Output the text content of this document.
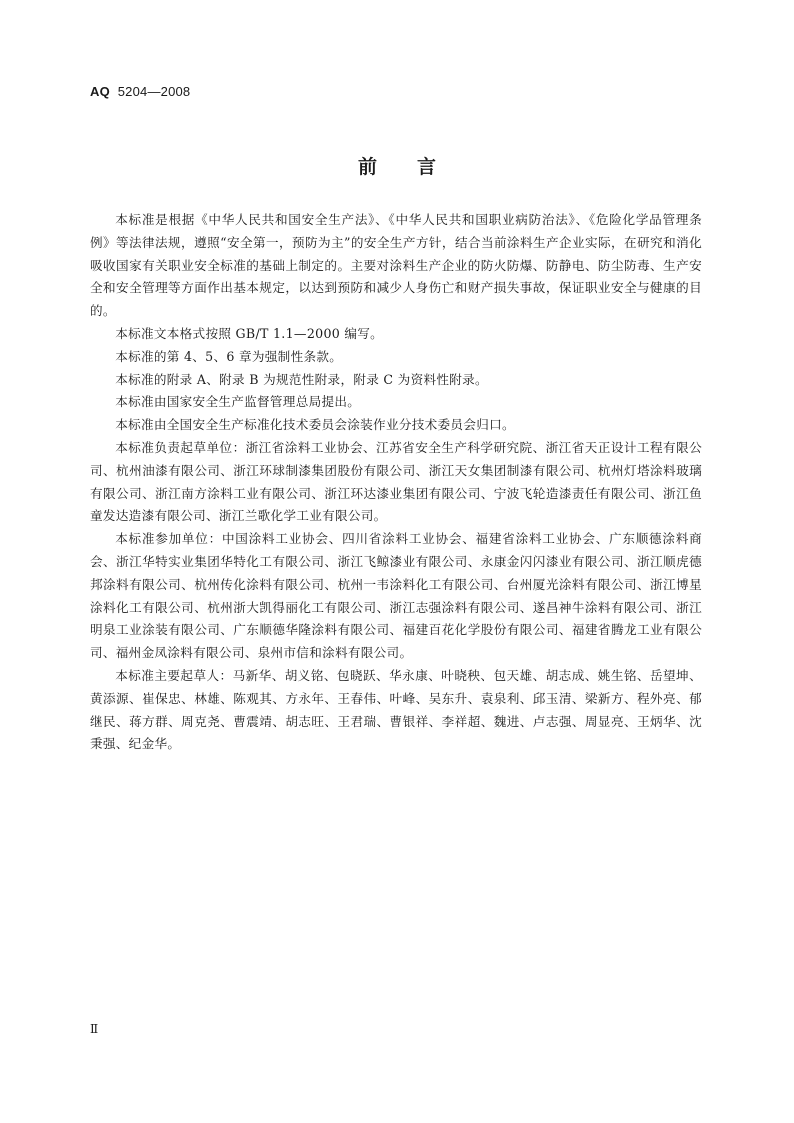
AQ 5204—2008
前言

本标准是根据《中华人民共和国安全生产法》、《中华人民共和国职业病防治法》、《危险化学品管理条例》等法律法规，遵照“安全第一，预防为主”的安全生产方针，结合当前涂料生产企业实际，在研究和消化吸收国家有关职业安全标准的基础上制定的。主要对涂料生产企业的防火防爆、防静电、防尘防毒、生产安全和安全管理等方面作出基本规定，以达到预防和减少人身伤亡和财产损失事故，保证职业安全与健康的目的。

本标准文本格式按照 GB/T 1.1—2000 编写。

本标准的第 4、5、6 章为强制性条款。

本标准的附录 A、附录 B 为规范性附录，附录 C 为资料性附录。

本标准由国家安全生产监督管理总局提出。

本标准由全国安全生产标准化技术委员会涂装作业分技术委员会归口。

本标准负责起草单位：浙江省涂料工业协会、江苏省安全生产科学研究院、浙江省天正设计工程有限公司、杭州油漆有限公司、浙江环球制漆集团股份有限公司、浙江天女集团制漆有限公司、杭州灯塔涂料玻璃有限公司、浙江南方涂料工业有限公司、浙江环达漆业集团有限公司、宁波飞轮造漆责任有限公司、浙江鱼童发达造漆有限公司、浙江兰歌化学工业有限公司。

本标准参加单位：中国涂料工业协会、四川省涂料工业协会、福建省涂料工业协会、广东顺德涂料商会、浙江华特实业集团华特化工有限公司、浙江飞鲸漆业有限公司、永康金闪闪漆业有限公司、浙江顺虎德邦涂料有限公司、杭州传化涂料有限公司、杭州一韦涂料化工有限公司、台州厦光涂料有限公司、浙江博星涂料化工有限公司、杭州浙大凯得丽化工有限公司、浙江志强涂料有限公司、遂昌神牛涂料有限公司、浙江明泉工业涂装有限公司、广东顺德华隆涂料有限公司、福建百花化学股份有限公司、福建省腾龙工业有限公司、福州金凤涂料有限公司、泉州市信和涂料有限公司。

本标准主要起草人：马新华、胡义铭、包晓跃、华永康、叶晓秧、包天雄、胡志成、姚生铭、岳望坤、黄添源、崔保忠、林雄、陈观其、方永年、王春伟、叶峰、吴东升、袁泉利、邱玉清、梁新方、程外亮、郁继民、蒋方群、周克尧、曹震靖、胡志旺、王君瑞、曹银祥、李祥超、魏进、卢志强、周显亮、王炳华、沈秉强、纪金华。

Ⅱ
